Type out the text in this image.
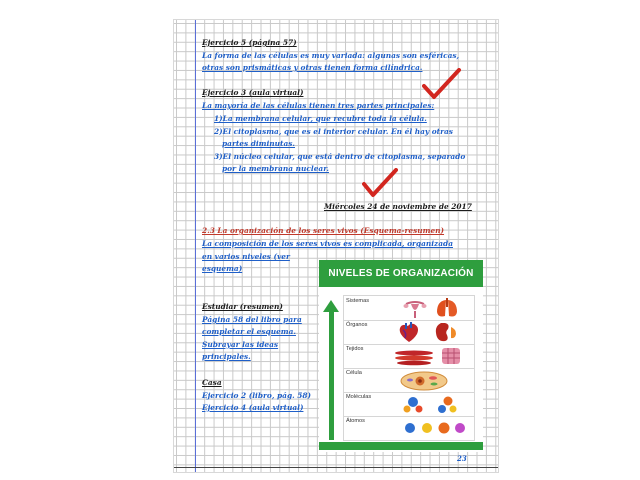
Ejercicio 5 (página 57)
La forma de las células es muy variada: algunas son esféricas,
otras son prismáticas y otras tienen forma cilíndrica.
Ejercicio 3 (aula virtual)
La mayoría de las células tienen tres partes principales:
1)La membrana celular, que recubre toda la célula.
2)El citoplasma, que es el interior celular. En él hay otras
partes diminutas.
3)El núcleo celular, que está dentro de citoplasma, separado
por la membrana nuclear.
Miércoles 24 de noviembre de 2017
2.3 La organización de los seres vivos (Esquema-resumen)
La composición de los seres vivos es complicada, organizada
en varios niveles (ver
esquema)
Estudiar (resumen)
Página 58 del libro para
completar el esquema.
Subrayar las ideas
principales.
Casa
Ejercicio 2 (libro, pág. 58)
Ejercicio 4 (aula virtual)
NIVELES DE ORGANIZACIÓN
Sistemas
Órganos
Tejidos
Célula
Moléculas
Átomos
23
